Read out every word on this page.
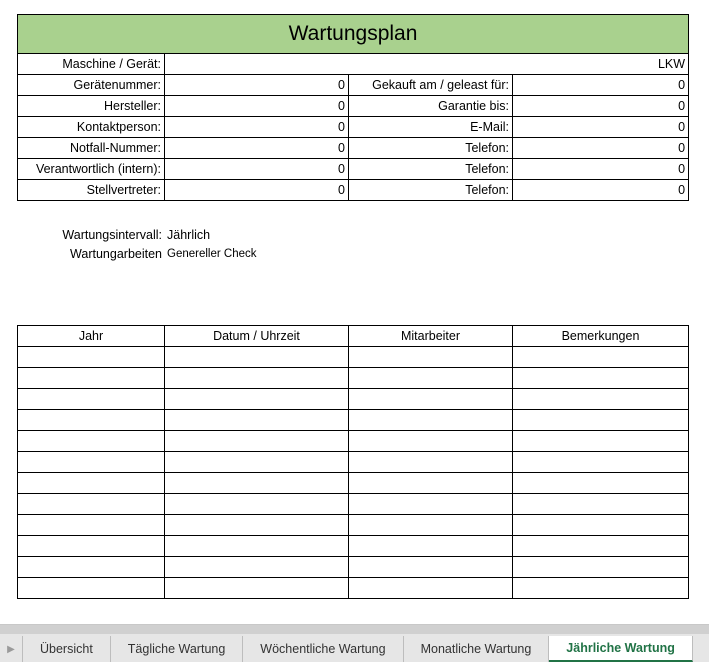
Wartungsplan			
Maschine / Gerät:	LKW		
Gerätenummer:	0	Gekauft am / geleast für:	0
Hersteller:	0	Garantie bis:	0
Kontaktperson:	0	E-Mail:	0
Notfall-Nummer:	0	Telefon:	0
Verantwortlich (intern):	0	Telefon:	0
Stellvertreter:	0	Telefon:	0
Wartungsintervall: Jährlich
Wartungarbeiten Genereller Check
Jahr	Datum / Uhrzeit	Mitarbeiter	Bemerkungen

▶	Übersicht	Tägliche Wartung	Wöchentliche Wartung	Monatliche Wartung	Jährliche Wartung
